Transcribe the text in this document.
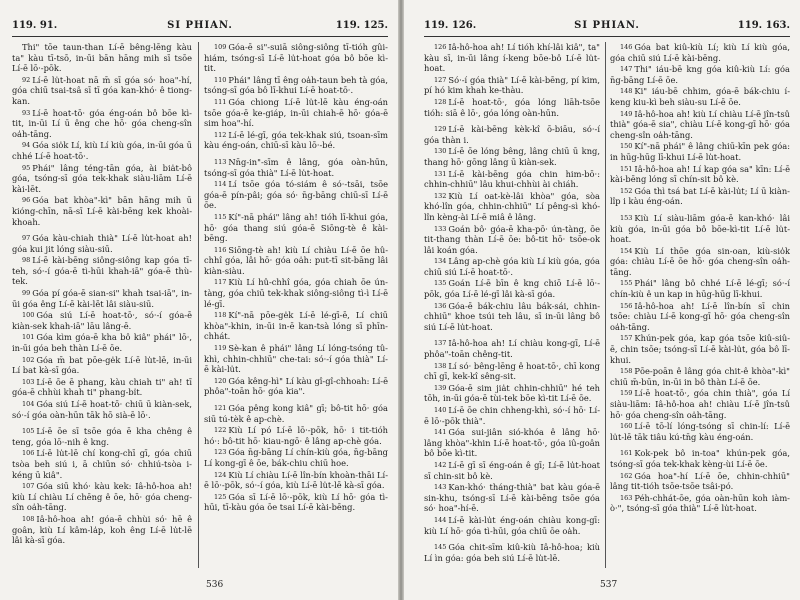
119. 91.	SI PHIAN.	119. 125.
Thi" tōe taun-than Lí-ē bêng-lēng kàu ta" kàu tī-tsō, in-ūi bān hāng mih sī tsōe Lí-ē lō·-pōk.
92 Lí-ē lu̍t-hoat nā m̄ sī góa só· hoa"-hí, góa chiū tsai-tsâ sī tī góa kan-khó· ê tiong-kan.
93 Lí-ē hoat-tō· góa éng-oán bô bōe kì-tit, in-ūi Lí ū êng che hō· góa cheng-sîn oa̍h-tāng.
94 Góa sio̍k Lí, kiù Lí kiù góa, in-ūi góa ū chhé Lí-ē hoat-tō·.
95 Phái" lâng téng-tān góa, ài bia̍t-bô góa, tsóng-sī góa tek-khak siàu-liām Lí-ē kài-lēt.
96 Góa bat khòa"-kì" bān hāng mih ū kióng-chīn, nā-sī Lí-ē kài-bēng kek khoài-khoah.
97 Góa kàu-chiah thià" Lí-ē lu̍t-hoat ah! góa kui jit lóng siàu-siū.
98 Lí-ē kài-bēng siông-siông kap góa tī-teh, só·-í góa-ē tì-hūi khah-iā" góa-ē thù-tek.
99 Góa pí góa-ē sian-si" khah tsai-iā", in-ūi góa êng Lí-ē kài-lēt lâi siàu-siū.
100 Góa siú Lí-ē hoat-tō·, só·-í góa-ē kiàn-sek khah-iā" lāu lâng-ē.
101 Góa kìm góa-ē kha bô kiâ" phái" lō·, in-ūi góa beh thàn Lí-ē ōe.
102 Góa m̄ bat pōe-ge̍k Lí-ē lu̍t-lē, in-ūi Lí bat kà-sī góa.
103 Lí-ē ōe ē phang, kàu chiah ti" ah! tī góa-ē chhùi khah ti" phang-bi̍t.
104 Góa siú Lí-ē hoat-tō· chiū ū kiàn-sek, só·-í góa oàn-hūn tāk hō sià-ē lō·.
105 Lí-ē ōe sī tsōe góa ē kha chêng ê teng, góa lō·-nih ê kng.
106 Lí-ē lu̍t-lē chí kong-chī gī, góa chiū tsòa beh siú i, ā chiūn só· chhiú-tsòa i-kéng ū kiâ".
107 Góa siū khó· kàu kek: Iâ-hô-hoa ah! kiù Lí chiàu Lí chēng ê ōe, hō· góa cheng-sîn oa̍h-tāng.
108 Iâ-hô-hoa ah! góa-ē chhùi só· hē ê goân, kiù Lí kâm-la̍p, koh êng Lí-ē lu̍t-lē lâi kà-sī góa.
109 Góa-ē si"-suiā siông-siông tī-tióh gûi-hiám, tsóng-sī Lí-ē lu̍t-hoat góa bô bōe kì-tit.
110 Phái" lâng tī êng oa̍h-taun beh tà góa, tsóng-sī góa bô lī-khui Lí-ē hoat-tō·.
111 Góa chiong Lí-ē lu̍t-lē kàu éng-oán tsōe góa-ē ke-giáp, in-ūi chiah-ē hō· góa-ē sim hoa"-hí.
112 Lí-ē lé-gī, góa tek-khak siú, tsoan-sīm kàu éng-oán, chiū-sī kàu lō·-bé.
113 Nn̄g-in"-sīm ê lâng, góa oàn-hūn, tsóng-sī góa thià" Lí-ē lu̍t-hoat.
114 Lí tsōe góa tó-siám ê só·-tsāi, tsōe góa-ē pín-pâi; góa só· n̄g-bāng chiū-sī Lí-ē ōe.
115 Kí"-nā phái" lâng ah! tióh lī-khui góa, hō· góa thang siú góa-ē Siōng-tè ê kài-bēng.
116 Siōng-tè ah! kiù Lí chiàu Lí-ē ōe hû-chhî góa, lâi hō· góa oa̍h: put-tī sit-bāng lâi kiàn-siàu.
117 Kiù Lí hû-chhî góa, góa chiah ōe ún-tàng, góa chiū tek-khak siông-siông tì-ì Lí-ē lé-gī.
118 Kí"-nā pōe-ge̍k Lí-ē lé-gī-ē, Lí chiū khòa"-khin, in-ūi in-ē kan-tsà lóng sī phīn-chhát.
119 Sè-kan ê phái" lâng Lí lóng-tsóng tû-khì, chhin-chhiū" che-tai: só·-í góa thià" Lí-ē kài-lu̍t.
120 Góa kêng-hì" Lí kàu gî-gî-chhoah: Lí-ē phôa"-toān hō· góa kia".
121 Góa pêng kong kiâ" gī; bô-tit hō· góa siū tú-tèk ê ap-chè.
122 Kiù Lí pó Lí-ē lō·-pōk, hō· i tit-tióh hó·: bô-tit hō· kiau-ngō· ê lâng ap-chè góa.
123 Góa n̄g-bāng Lí chín-kiù góa, n̄g-bāng Lí kong-gī ê ōe, bák-chiu chiū hoe.
124 Kiù Lí chiàu Lí-ē lîn-bín khoàn-thāi Lí-ē lō·-pōk, só·-í góa, kiù Lí-ē lu̍t-lē kà-sī góa.
125 Góa sī Lí-ē lō·-pōk, kiù Lí hō· góa tì-hūi, tī-kàu góa ōe tsai Lí-ē kài-bēng.
536
119. 126.	SI PHIAN.	119. 163.
126 Iâ-hô-hoa ah! Lí tióh khí-lâi kiâ", ta" kàu sī, in-ūi lâng í-keng bōe-bô Lí-ē lu̍t-hoat.
127 Só·-í góa thià" Lí-ē kài-bēng, pí kim, pí hó kim khah ke-thàu.
128 Lí-ē hoat-tō·, góa lóng liāh-tsōe tióh: siā ê lō·, góa lóng oàn-hūn.
129 Lí-ē kài-bēng kèk-kî ō-biāu, só·-í góa thàn i.
130 Lí-ē ōe lóng bêng, lâng chiū ū kng, thang hō· gōng lâng ū kiàn-sek.
131 Lí-ē kài-bēng góa chin him-bō·: chhin-chhiū" lâu khui-chhùi ài chiáh.
132 Kiù Lí oat-kè-lâi khòa" góa, sòa khó-lîn góa, chhin-chhiū" Lí pêng-sì khó-lîn kèng-ài Lí-ē miâ ê lâng.
133 Goán bô· góa-ē kha-pō· ún-tàng, ōe tit-thang thàn Lí-ē ōe: bô-tit hō· tsōe-ok lâi koán góa.
134 Lâng ap-chè góa kiù Lí kiù góa, góa chiū siú Lí-ē hoat-tō·.
135 Goán Lí-ē bīn ê kng chiō Lí-ē lō·-pōk, góa Lí-ē lé-gī lâi kà-sī góa.
136 Góa-ē bák-chiu lâu bák-sái, chhin-chhiū" khoe tsúi teh lâu, sī in-ūi lâng bô siú Lí-ē lu̍t-hoat.
137 Iâ-hô-hoa ah! Lí chiàu kong-gī, Lí-ē phôa"-toān chêng-tit.
138 Lí só· bêng-lēng ê hoat-tō·, chī kong chī gī, kek-kî sêng-sit.
139 Góa-ē sim jia̍t chhin-chhiū" hé teh tōh, in-ūi góa-ē tùi-tek bōe kì-tit Lí-ē ōe.
140 Lí-ē ōe chin chheng-khì, só·-í hō· Lí-ē lō·-pōk thià".
141 Góa sui-jiân sió-khóa ê lâng hō· lâng khòa"-khin Lí-ē hoat-tō·, góa iû-goân bô bōe kì-tit.
142 Lí-ē gī sī éng-oán ê gī; Lí-ē lu̍t-hoat sī chin-sit bô kè.
143 Kan-khó· tháng-thià" bat kàu góa-ē sin-khu, tsóng-sī Lí-ē kài-bēng tsōe góa só· hoa"-hí-ē.
144 Lí-ē kài-lu̍t éng-oán chiàu kong-gī: kiù Lí hō· góa tì-hūi, góa chiū ōe oa̍h.
145 Góa chit-sīm kiû-kiù Iâ-hô-hoa; kiù Lí ìn góa: góa beh siú Lí-ē lu̍t-lē.
146 Góa bat kiû-kiù Lí; kiù Lí kiù góa, góa chiū siú Lí-ē kài-bēng.
147 Thi" iáu-bē kng góa kiû-kiù Lí: góa n̄g-bāng Lí-ē ōe.
148 Ki" iáu-bē chhim, góa-ē bák-chiu í-keng kiu-kì beh siàu-su Lí-ē ōe.
149 Iâ-hô-hoa ah! kiù Lí chiàu Lí-ē jîn-tsû thià" góa-ē sia", chiàu Lí-ē kong-gī hō· góa cheng-sîn oa̍h-tāng.
150 Kí"-nā phái" ê lâng chiū-kīn pek góa: in hūg-hūg lī-khui Lí-ē lu̍t-hoat.
151 Iâ-hô-hoa ah! Lí kap góa sa" kīn: Lí-ē kài-bēng lóng sī chín-sit bô kè.
152 Góa thì tsá bat Lí-ē kài-lu̍t; Lí ū kiàn-lîp i kàu éng-oán.
153 Kiù Lí siàu-liām góa-ē kan-khó· lâi kiù góa, in-ūi góa bô bōe-kì-tit Lí-ē lu̍t-hoat.
154 Kiù Lí thōe góa sin-oan, kiù-sio̍k góa: chiàu Lí-ē ōe hō· góa cheng-sîn oa̍h-tāng.
155 Phái" lâng bô chhé Lí-ē lé-gī; só·-í chín-kiù ê un kap in hūg-hūg lī-khui.
156 Iâ-hô-hoa ah! Lí-ē lîn-bín sī chin tsōe: chiàu Lí-ē kong-gī hō· góa cheng-sîn oa̍h-tāng.
157 Khún-pek góa, kap góa tsōe kiû-siû-ē, chin tsōe; tsóng-sī Lí-ē kài-lu̍t, góa bô lī-khui.
158 Pōe-poān ê lâng góa chit-ê khòa"-kì" chiū m̄-būn, in-ūi in bô thàn Lí-ē ōe.
159 Lí-ē hoat-tō·, góa chin thià", góa Lí siàu-liām: Iâ-hô-hoa ah! chiàu Lí-ē jîn-tsû hō· góa cheng-sîn oa̍h-tāng.
160 Lí-ē tō-lí lóng-tsóng sī chin-lí: Lí-ē lu̍t-lē tāk tiâu kú-tn̄g kàu éng-oán.
161 Kok-pek bô in-toa" khún-pek góa, tsóng-sī góa tek-khak kèng-ùi Lí-ē ōe.
162 Góa hoa"-hí Lí-ē ōe, chhin-chhiū" lâng tit-tióh tsōe-tsōe tsâi-pó.
163 Péh-chhát-ōe, góa oàn-hūn koh iàm-ò·", tsóng-sī góa thià" Lí-ē lu̍t-hoat.
537
